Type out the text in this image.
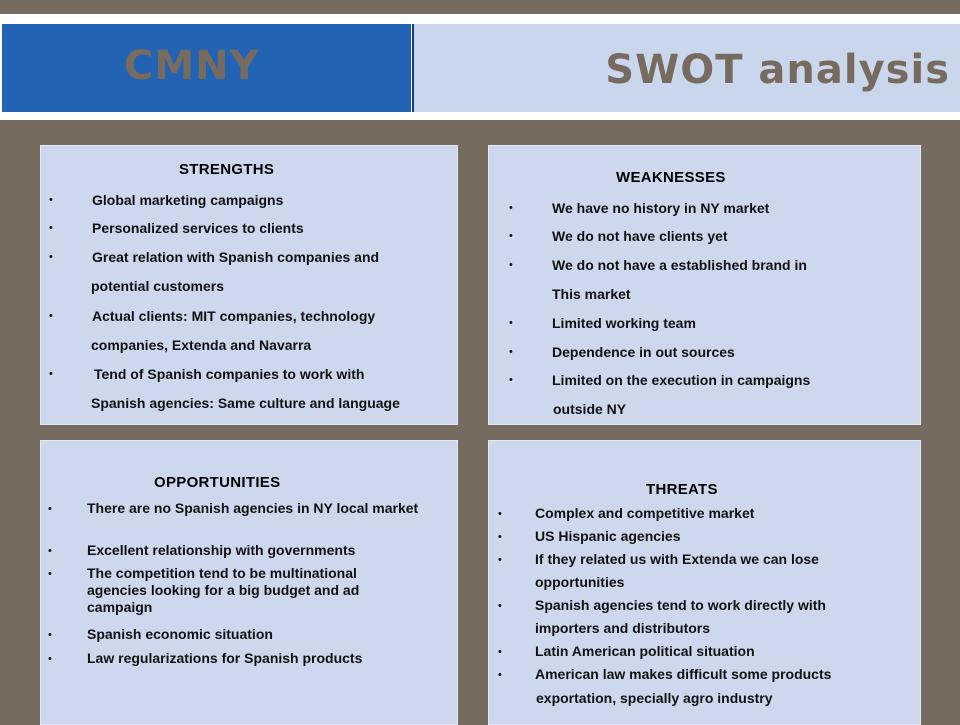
CMNY	SWOT analysis

STRENGTHS

•	Global marketing campaigns

•	Personalized services to clients

•	Great relation with Spanish companies and

potential customers

•	Actual clients: MIT companies, technology

companies, Extenda and Navarra

•	Tend of Spanish companies to work with

Spanish agencies: Same culture and language

WEAKNESSES

•	We have no history in NY market

•	We do not have clients yet

•	We do not have a established brand in

This market

•	Limited working team

•	Dependence in out sources

•	Limited on the execution in campaigns

outside NY

OPPORTUNITIES

•	There are no Spanish agencies in NY local market

•	Excellent relationship with governments

•	The competition tend to be multinational agencies looking for a big budget and ad campaign

•	Spanish economic situation

•	Law regularizations for Spanish products

THREATS

• Complex and competitive market

• US Hispanic agencies

• If they related us with Extenda we can lose

opportunities

• Spanish agencies tend to work directly with

importers and distributors

• Latin American political situation

• American law makes difficult some products

exportation, specially agro industry
